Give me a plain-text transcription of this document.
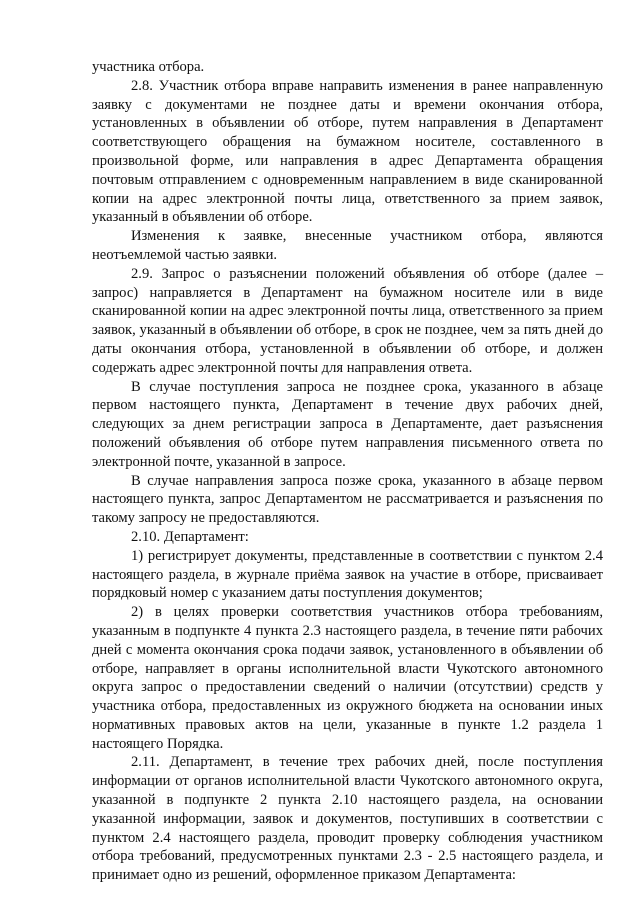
участника отбора.

2.8. Участник отбора вправе направить изменения в ранее направленную заявку с документами не позднее даты и времени окончания отбора, установленных в объявлении об отборе, путем направления в Департамент соответствующего обращения на бумажном носителе, составленного в произвольной форме, или направления в адрес Департамента обращения почтовым отправлением с одновременным направлением в виде сканированной копии на адрес электронной почты лица, ответственного за прием заявок, указанный в объявлении об отборе.

Изменения к заявке, внесенные участником отбора, являются неотъемлемой частью заявки.

2.9. Запрос о разъяснении положений объявления об отборе (далее – запрос) направляется в Департамент на бумажном носителе или в виде сканированной копии на адрес электронной почты лица, ответственного за прием заявок, указанный в объявлении об отборе, в срок не позднее, чем за пять дней до даты окончания отбора, установленной в объявлении об отборе, и должен содержать адрес электронной почты для направления ответа.

В случае поступления запроса не позднее срока, указанного в абзаце первом настоящего пункта, Департамент в течение двух рабочих дней, следующих за днем регистрации запроса в Департаменте, дает разъяснения положений объявления об отборе путем направления письменного ответа по электронной почте, указанной в запросе.

В случае направления запроса позже срока, указанного в абзаце первом настоящего пункта, запрос Департаментом не рассматривается и разъяснения по такому запросу не предоставляются.

2.10. Департамент:

1) регистрирует документы, представленные в соответствии с пунктом 2.4 настоящего раздела, в журнале приёма заявок на участие в отборе, присваивает порядковый номер с указанием даты поступления документов;

2) в целях проверки соответствия участников отбора требованиям, указанным в подпункте 4 пункта 2.3 настоящего раздела, в течение пяти рабочих дней с момента окончания срока подачи заявок, установленного в объявлении об отборе, направляет в органы исполнительной власти Чукотского автономного округа запрос о предоставлении сведений о наличии (отсутствии) средств у участника отбора, предоставленных из окружного бюджета на основании иных нормативных правовых актов на цели, указанные в пункте 1.2 раздела 1 настоящего Порядка.

2.11. Департамент, в течение трех рабочих дней, после поступления информации от органов исполнительной власти Чукотского автономного округа, указанной в подпункте 2 пункта 2.10 настоящего раздела, на основании указанной информации, заявок и документов, поступивших в соответствии с пунктом 2.4 настоящего раздела, проводит проверку соблюдения участником отбора требований, предусмотренных пунктами 2.3 - 2.5 настоящего раздела, и принимает одно из решений, оформленное приказом Департамента:
